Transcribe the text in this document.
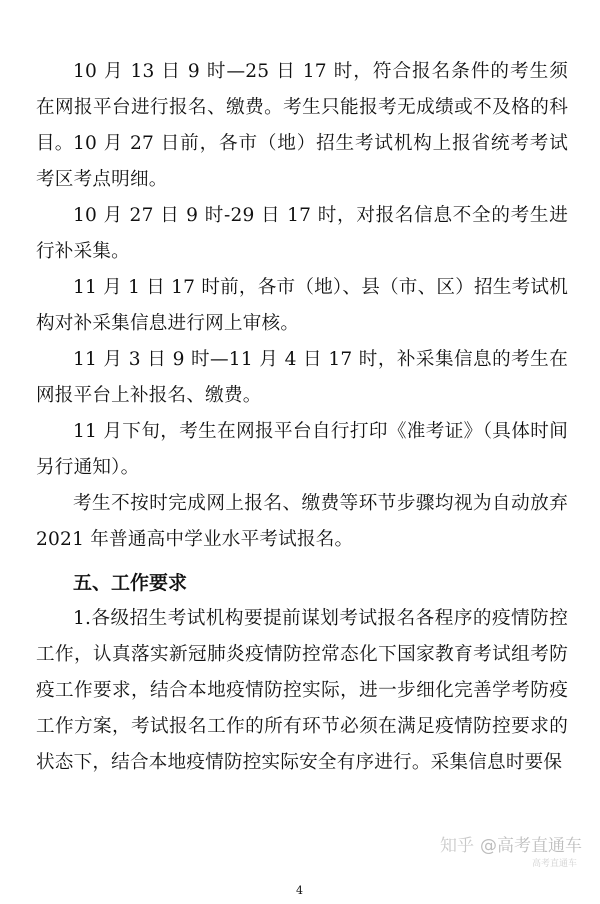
10 月 13 日 9 时—25 日 17 时，符合报名条件的考生须在网报平台进行报名、缴费。考生只能报考无成绩或不及格的科目。 10 月 27 日前，各市（地）招生考试机构上报省统考考试考区考点明细。

10 月 27 日 9 时-29 日 17 时，对报名信息不全的考生进行补采集。

11 月 1 日 17 时前，各市（地）、县（市、区）招生考试机构对补采集信息进行网上审核。

11 月 3 日 9 时—11 月 4 日 17 时，补采集信息的考生在网报平台上补报名、缴费。

11 月下旬，考生在网报平台自行打印《准考证》（具体时间另行通知）。

考生不按时完成网上报名、缴费等环节步骤均视为自动放弃 2021 年普通高中学业水平考试报名。

五、工作要求

1.各级招生考试机构要提前谋划考试报名各程序的疫情防控工作，认真落实新冠肺炎疫情防控常态化下国家教育考试组考防疫工作要求，结合本地疫情防控实际，进一步细化完善学考防疫工作方案，考试报名工作的所有环节必须在满足疫情防控要求的状态下，结合本地疫情防控实际安全有序进行。采集信息时要保

4
知乎 @高考直通车
高考直通车
